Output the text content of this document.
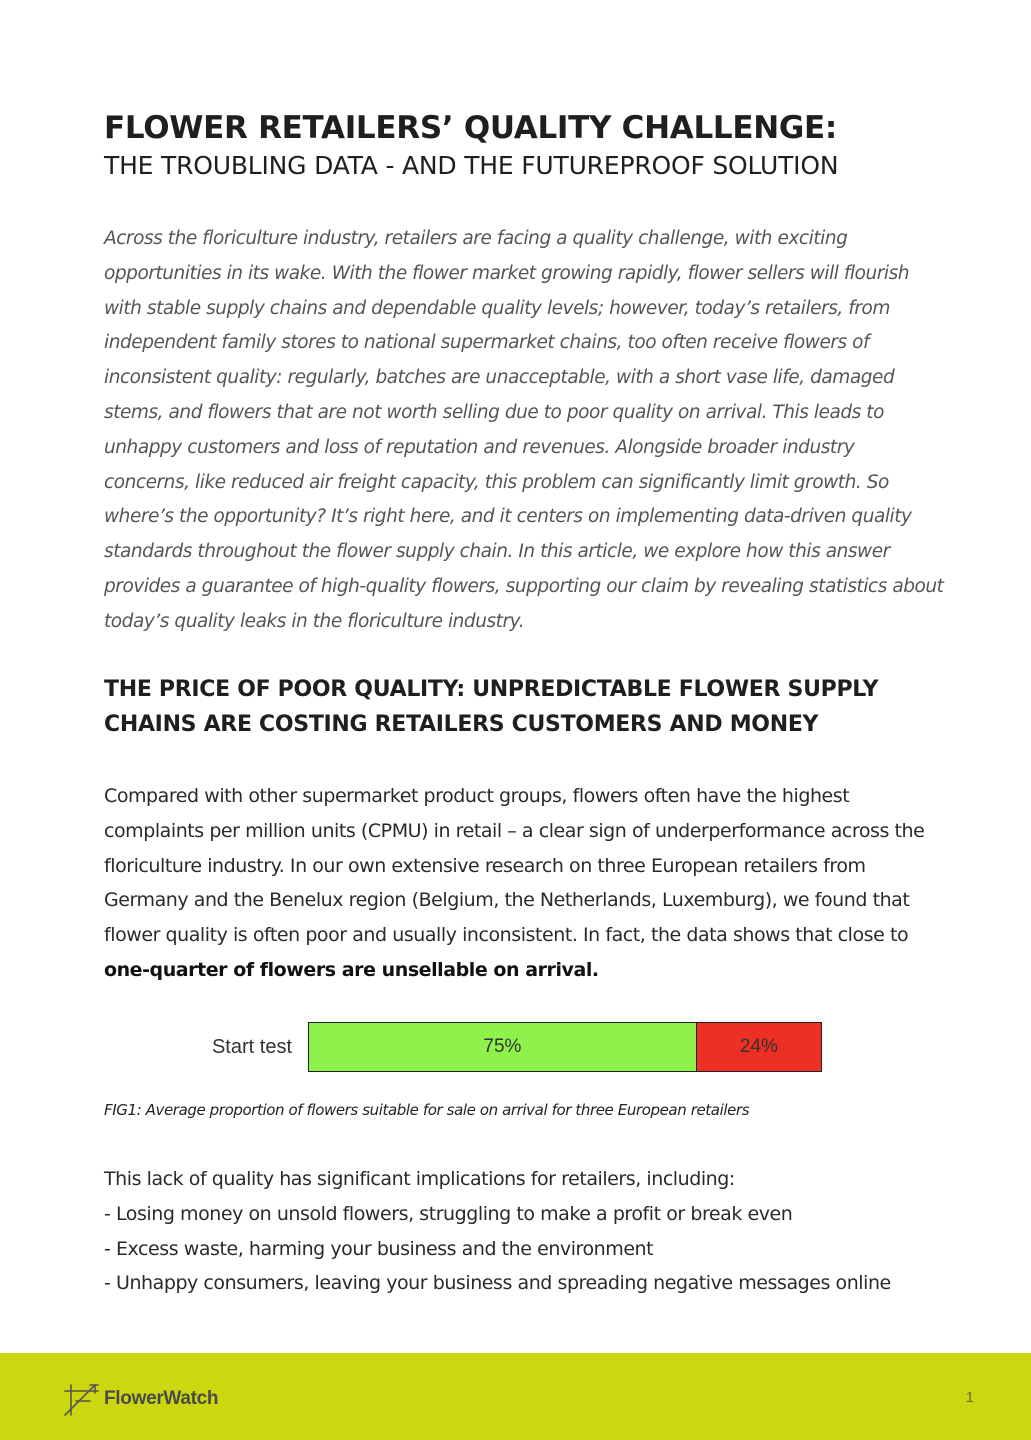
FLOWER RETAILERS’ QUALITY CHALLENGE:
THE TROUBLING DATA - AND THE FUTUREPROOF SOLUTION

Across the floriculture industry, retailers are facing a quality challenge, with exciting opportunities in its wake. With the flower market growing rapidly, flower sellers will flourish with stable supply chains and dependable quality levels; however, today’s retailers, from independent family stores to national supermarket chains, too often receive flowers of inconsistent quality: regularly, batches are unacceptable, with a short vase life, damaged stems, and flowers that are not worth selling due to poor quality on arrival. This leads to unhappy customers and loss of reputation and revenues. Alongside broader industry concerns, like reduced air freight capacity, this problem can significantly limit growth. So where’s the opportunity? It’s right here, and it centers on implementing data-driven quality standards throughout the flower supply chain. In this article, we explore how this answer provides a guarantee of high-quality flowers, supporting our claim by revealing statistics about today’s quality leaks in the floriculture industry.

THE PRICE OF POOR QUALITY: UNPREDICTABLE FLOWER SUPPLY CHAINS ARE COSTING RETAILERS CUSTOMERS AND MONEY

Compared with other supermarket product groups, flowers often have the highest complaints per million units (CPMU) in retail – a clear sign of underperformance across the floriculture industry. In our own extensive research on three European retailers from Germany and the Benelux region (Belgium, the Netherlands, Luxemburg), we found that flower quality is often poor and usually inconsistent. In fact, the data shows that close to one-quarter of flowers are unsellable on arrival.

Start test	75%	24%

FIG1: Average proportion of flowers suitable for sale on arrival for three European retailers

This lack of quality has significant implications for retailers, including:
- Losing money on unsold flowers, struggling to make a profit or break even
- Excess waste, harming your business and the environment
- Unhappy consumers, leaving your business and spreading negative messages online
FlowerWatch	1
